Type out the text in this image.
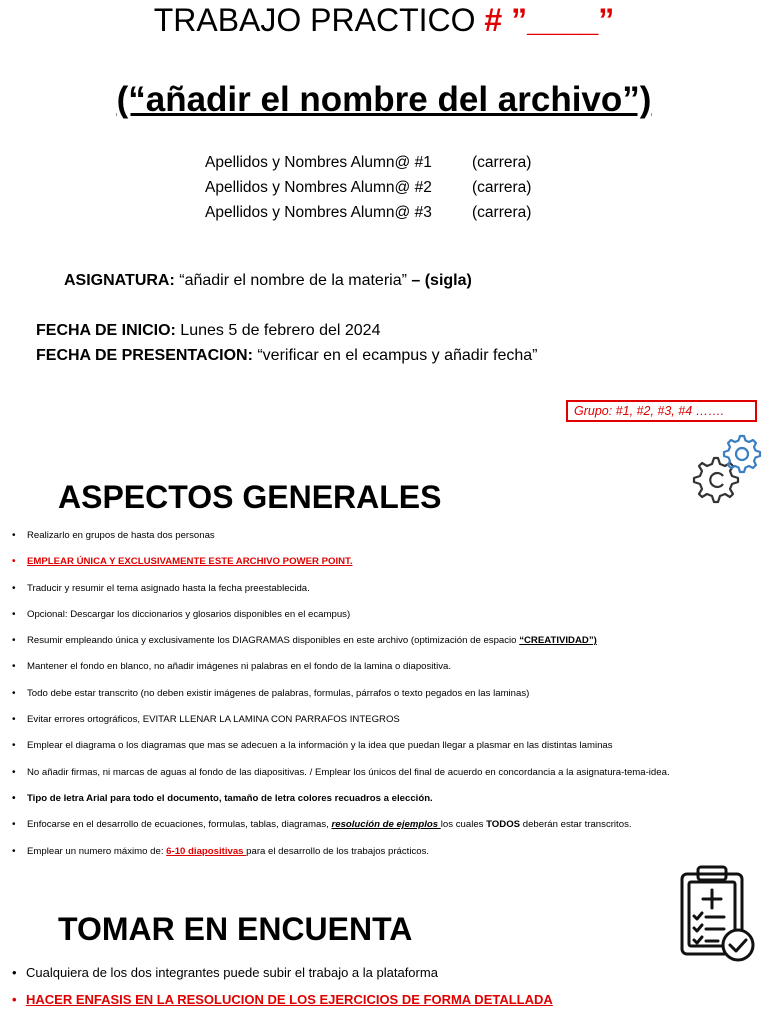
TRABAJO PRACTICO # ”____”
(“añadir el nombre del archivo”)
Apellidos y Nombres Alumn@ #1	(carrera)
Apellidos y Nombres Alumn@ #2	(carrera)
Apellidos y Nombres Alumn@ #3	(carrera)
ASIGNATURA: “añadir el nombre de la materia” – (sigla)
FECHA DE INICIO: Lunes 5 de febrero del 2024
FECHA DE PRESENTACION: “verificar en el ecampus y añadir fecha”
Grupo: #1, #2, #3, #4 …….
ASPECTOS GENERALES
• Realizarlo en grupos de hasta dos personas
• EMPLEAR ÚNICA Y EXCLUSIVAMENTE ESTE ARCHIVO POWER POINT.
• Traducir y resumir el tema asignado hasta la fecha preestablecida.
• Opcional: Descargar los diccionarios y glosarios disponibles en el ecampus)
• Resumir empleando única y exclusivamente los DIAGRAMAS disponibles en este archivo (optimización de espacio “CREATIVIDAD”)
• Mantener el fondo en blanco, no añadir imágenes ni palabras en el fondo de la lamina o diapositiva.
• Todo debe estar transcrito (no deben existir imágenes de palabras, formulas, párrafos o texto pegados en las laminas)
• Evitar errores ortográficos, EVITAR LLENAR LA LAMINA CON PARRAFOS INTEGROS
• Emplear el diagrama o los diagramas que mas se adecuen a la información y la idea que puedan llegar a plasmar en las distintas laminas
• No añadir firmas, ni marcas de aguas al fondo de las diapositivas. / Emplear los únicos del final de acuerdo en concordancia a la asignatura-tema-idea.
• Tipo de letra Arial para todo el documento, tamaño de letra colores recuadros a elección.
• Enfocarse en el desarrollo de ecuaciones, formulas, tablas, diagramas, resolución de ejemplos los cuales TODOS deberán estar transcritos.
• Emplear un numero máximo de: 6-10 diapositivas para el desarrollo de los trabajos prácticos.
TOMAR EN ENCUENTA
• Cualquiera de los dos integrantes puede subir el trabajo a la plataforma
• HACER ENFASIS EN LA RESOLUCION DE LOS EJERCICIOS DE FORMA DETALLADA
